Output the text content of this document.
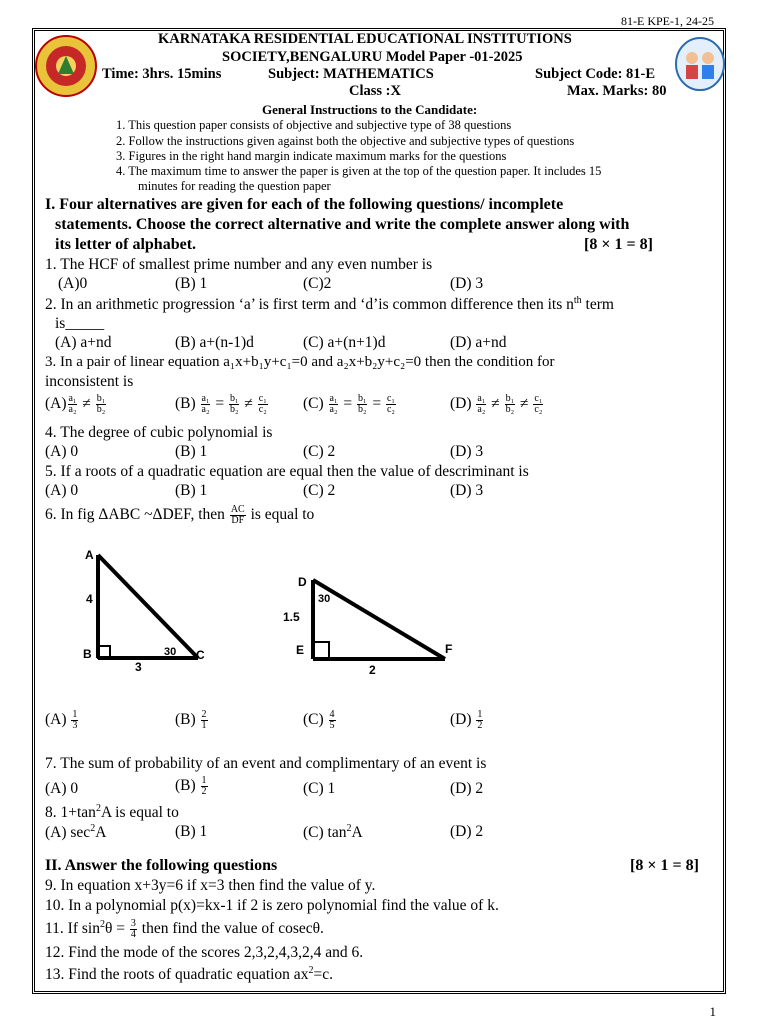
81-E KPE-1, 24-25
KARNATAKA RESIDENTIAL EDUCATIONAL INSTITUTIONS
SOCIETY,BENGALURU Model Paper -01-2025
Time: 3hrs. 15mins	Subject: MATHEMATICS	Subject Code: 81-E
Class :X	Max. Marks: 80
General Instructions to the Candidate:
1. This question paper consists of objective and subjective type of 38 questions
2. Follow the instructions given against both the objective and subjective types of questions
3. Figures in the right hand margin indicate maximum marks for the questions
4. The maximum time to answer the paper is given at the top of the question paper. It includes 15
minutes for reading the question paper
I. Four alternatives are given for each of the following questions/ incomplete
statements. Choose the correct alternative and write the complete answer along with
its letter of alphabet.	[8 × 1 = 8]
1. The HCF of smallest prime number and any even number is
(A)0	(B) 1	(C)2	(D) 3
2. In an arithmetic progression ‘a’ is first term and ‘d’is common difference then its $n^{th}$ term
is_____
(A) a+nd	(B) a+(n-1)d	(C) a+(n+1)d	(D) a+nd
3. In a pair of linear equation a₁x+b₁y+c₁=0 and a₂x+b₂y+c₂=0 then the condition for
inconsistent is
$(A) \frac{\text{a₁}}{\text{a₂}} \ne \frac{\text{b₁}}{\text{b₂}}$	$(B) \frac{\text{a₁}}{\text{a₂}} = \frac{\text{b₁}}{\text{b₂}} \ne \frac{\text{c₁}}{\text{c₂}} (C) \frac{\text{a₁}}{\text{a₂}} = \frac{\text{b₁}}{\text{b₂}} = \frac{\text{c₁}}{\text{c₂}}$	$(D) \frac{\text{a₁}}{\text{a₂}} \ne \frac{\text{b₁}}{\text{b₂}} \ne \frac{\text{c₁}}{\text{c₂}}$
4. The degree of cubic polynomial is
(A) 0	(B) 1	(C) 2	(D) 3
5. If a roots of a quadratic equation are equal then the value of descriminant is
(A) 0	(B) 1	(C) 2	(D) 3
6. In fig ΔABC ~ΔDEF, then $\frac{AC}{DF}$ is equal to
A
B	C
4
3
30
D
E	F
1.5
2
30
$(A) \frac{1}{3}$	$(B) \frac{2}{1}$	$(C) \frac{4}{5}$	$(D) \frac{1}{2}$
7. The sum of probability of an event and complimentary of an event is
(A) 0	$(B) \frac{1}{2}$	(C) 1	(D) 2
8. $1+\tan^2A$ is equal to
(A) $\sec^2A$	(B) 1	(C) $\tan^2A$	(D) 2
II. Answer the following questions	[8 × 1 = 8]
9. In equation x+3y=6 if x=3 then find the value of y.
10. In a polynomial p(x)=kx-1 if 2 is zero polynomial find the value of k.
11. If $\sin^2\theta = \frac{3}{4}$ then find the value of cosecθ.
12. Find the mode of the scores 2,3,2,4,3,2,4 and 6.
13. Find the roots of quadratic equation $ax^2=c$.
1
